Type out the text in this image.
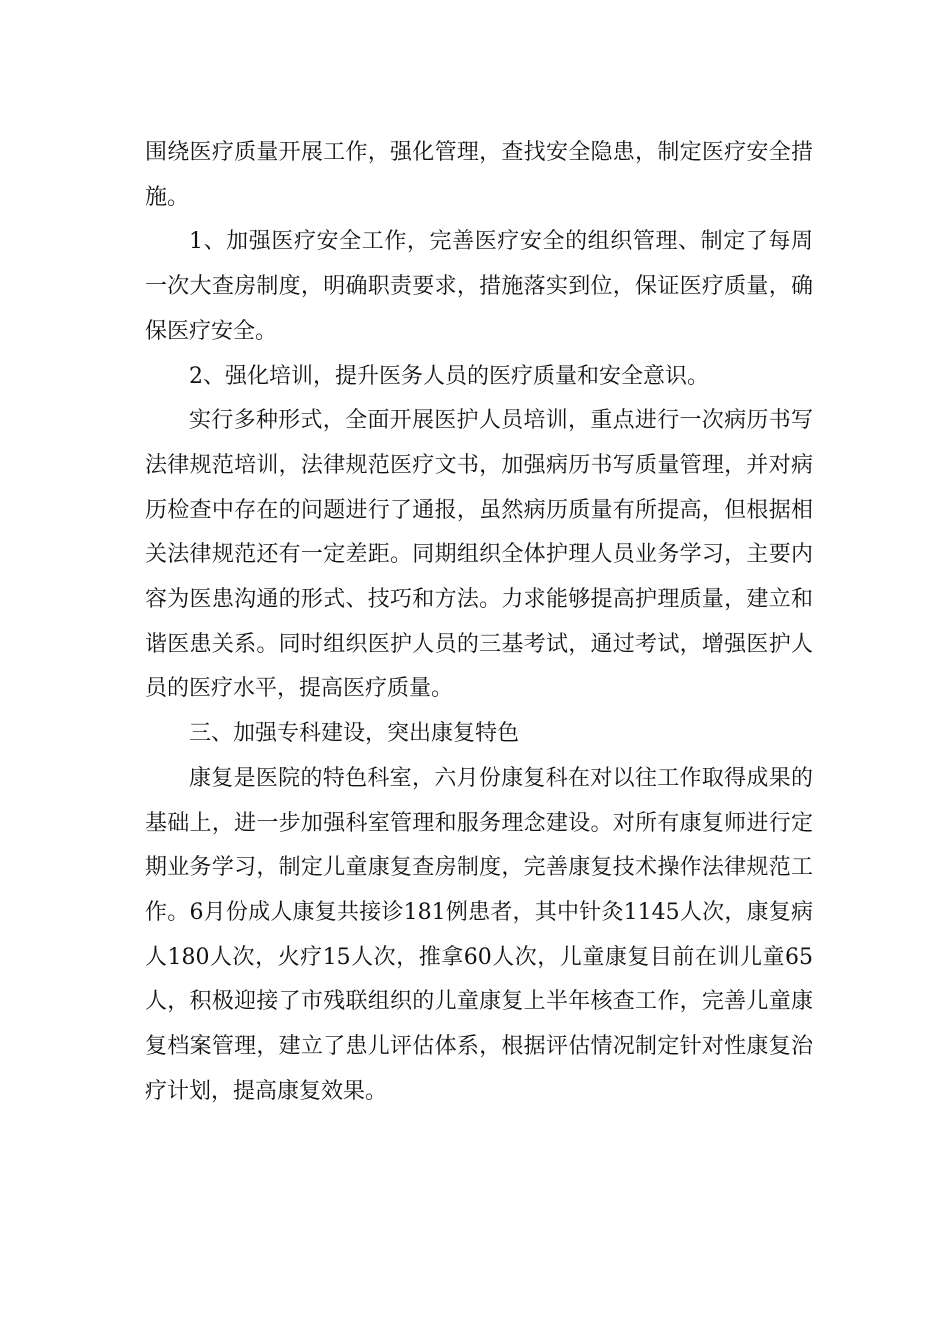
围绕医疗质量开展工作，强化管理，查找安全隐患，制定医疗安全措施。

1、加强医疗安全工作，完善医疗安全的组织管理、制定了每周一次大查房制度，明确职责要求，措施落实到位，保证医疗质量，确保医疗安全。

2、强化培训，提升医务人员的医疗质量和安全意识。

实行多种形式，全面开展医护人员培训，重点进行一次病历书写法律规范培训，法律规范医疗文书，加强病历书写质量管理，并对病历检查中存在的问题进行了通报，虽然病历质量有所提高，但根据相关法律规范还有一定差距。同期组织全体护理人员业务学习，主要内容为医患沟通的形式、技巧和方法。力求能够提高护理质量，建立和谐医患关系。同时组织医护人员的三基考试，通过考试，增强医护人员的医疗水平，提高医疗质量。

三、加强专科建设，突出康复特色

康复是医院的特色科室，六月份康复科在对以往工作取得成果的基础上，进一步加强科室管理和服务理念建设。对所有康复师进行定期业务学习，制定儿童康复查房制度，完善康复技术操作法律规范工作。6月份成人康复共接诊181例患者，其中针灸1145人次，康复病人180人次，火疗15人次，推拿60人次，儿童康复目前在训儿童65人，积极迎接了市残联组织的儿童康复上半年核查工作，完善儿童康复档案管理，建立了患儿评估体系，根据评估情况制定针对性康复治疗计划，提高康复效果。
